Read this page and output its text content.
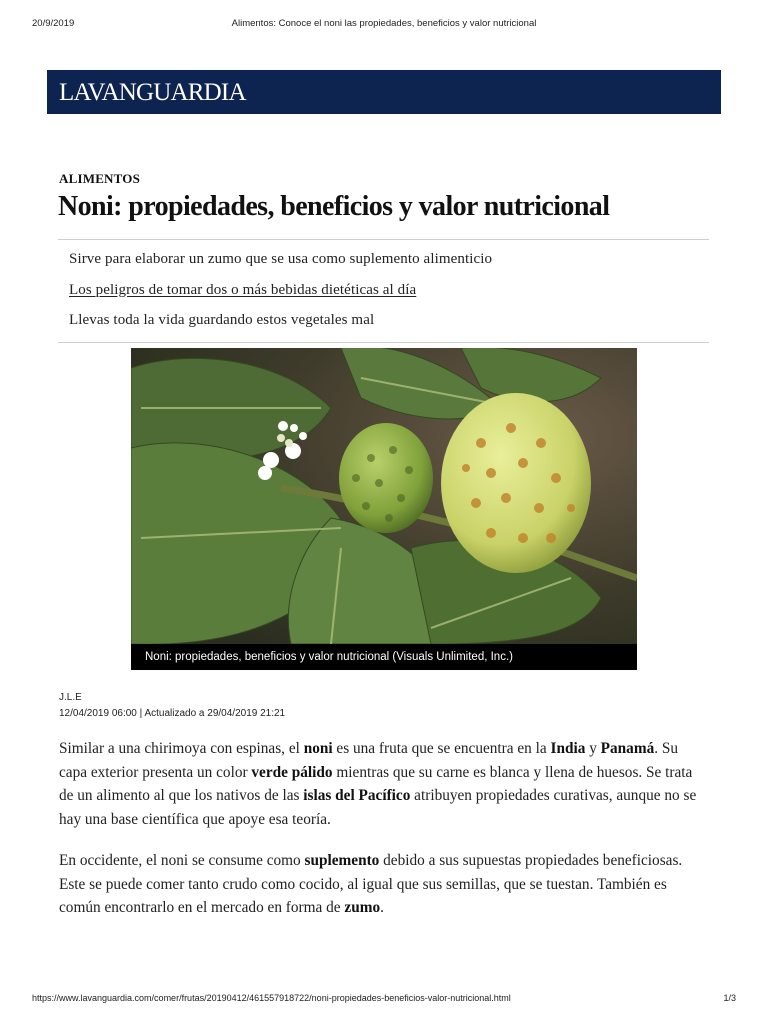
20/9/2019	Alimentos: Conoce el noni las propiedades, beneficios y valor nutricional
LAVANGUARDIA
ALIMENTOS
Noni: propiedades, beneficios y valor nutricional
Sirve para elaborar un zumo que se usa como suplemento alimenticio
Los peligros de tomar dos o más bebidas dietéticas al día
Llevas toda la vida guardando estos vegetales mal
Noni: propiedades, beneficios y valor nutricional (Visuals Unlimited, Inc.)
J.L.E
12/04/2019 06:00 | Actualizado a 29/04/2019 21:21

Similar a una chirimoya con espinas, el noni es una fruta que se encuentra en la India y Panamá. Su capa exterior presenta un color verde pálido mientras que su carne es blanca y llena de huesos. Se trata de un alimento al que los nativos de las islas del Pacífico atribuyen propiedades curativas, aunque no se hay una base científica que apoye esa teoría.

En occidente, el noni se consume como suplemento debido a sus supuestas propiedades beneficiosas. Este se puede comer tanto crudo como cocido, al igual que sus semillas, que se tuestan. También es común encontrarlo en el mercado en forma de zumo.

https://www.lavanguardia.com/comer/frutas/20190412/461557918722/noni-propiedades-beneficios-valor-nutricional.html	1/3
